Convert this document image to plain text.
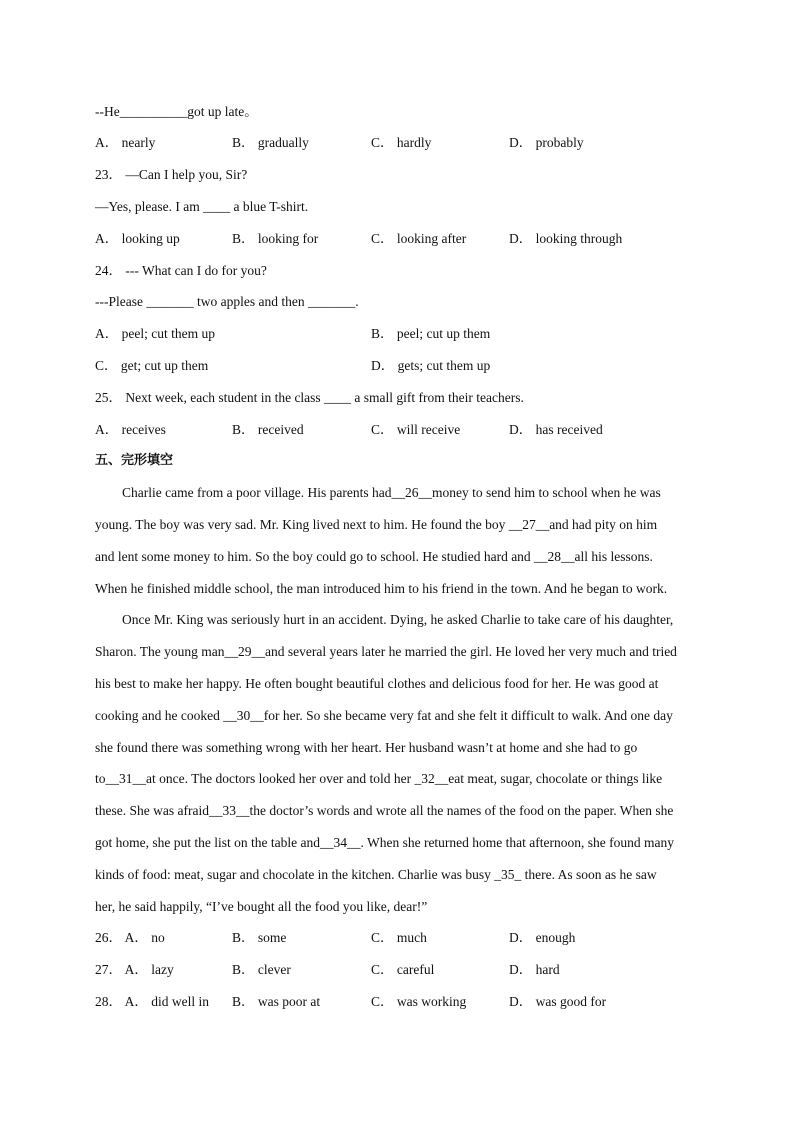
--He__________got up late。
A． nearly	B． gradually	C． hardly	D． probably
23． —Can I help you, Sir?
—Yes, please. I am ____ a blue T-shirt.
A． looking up	B． looking for	C． looking after	D． looking through
24． --- What can I do for you?
---Please _______ two apples and then _______.
A． peel; cut them up	B． peel; cut up them
C． get; cut up them	D． gets; cut them up
25． Next week, each student in the class ____ a small gift from their teachers.
A． receives	B． received	C． will receive	D． has received
五、完形填空
Charlie came from a poor village. His parents had__26__money to send him to school when he was
young. The boy was very sad. Mr. King lived next to him. He found the boy __27__and had pity on him
and lent some money to him. So the boy could go to school. He studied hard and __28__all his lessons.
When he finished middle school, the man introduced him to his friend in the town. And he began to work.
Once Mr. King was seriously hurt in an accident. Dying, he asked Charlie to take care of his daughter,
Sharon. The young man__29__and several years later he married the girl. He loved her very much and tried
his best to make her happy. He often bought beautiful clothes and delicious food for her. He was good at
cooking and he cooked __30__for her. So she became very fat and she felt it difficult to walk. And one day
she found there was something wrong with her heart. Her husband wasn’t at home and she had to go
to__31__at once. The doctors looked her over and told her _32__eat meat, sugar, chocolate or things like
these. She was afraid__33__the doctor’s words and wrote all the names of the food on the paper. When she
got home, she put the list on the table and__34__. When she returned home that afternoon, she found many
kinds of food: meat, sugar and chocolate in the kitchen. Charlie was busy _35_ there. As soon as he saw
her, he said happily, “I’ve bought all the food you like, dear!”
26． A． no	B． some	C． much	D． enough
27． A． lazy	B． clever	C． careful	D． hard
28． A． did well in B． was poor at	C． was working	D． was good for
